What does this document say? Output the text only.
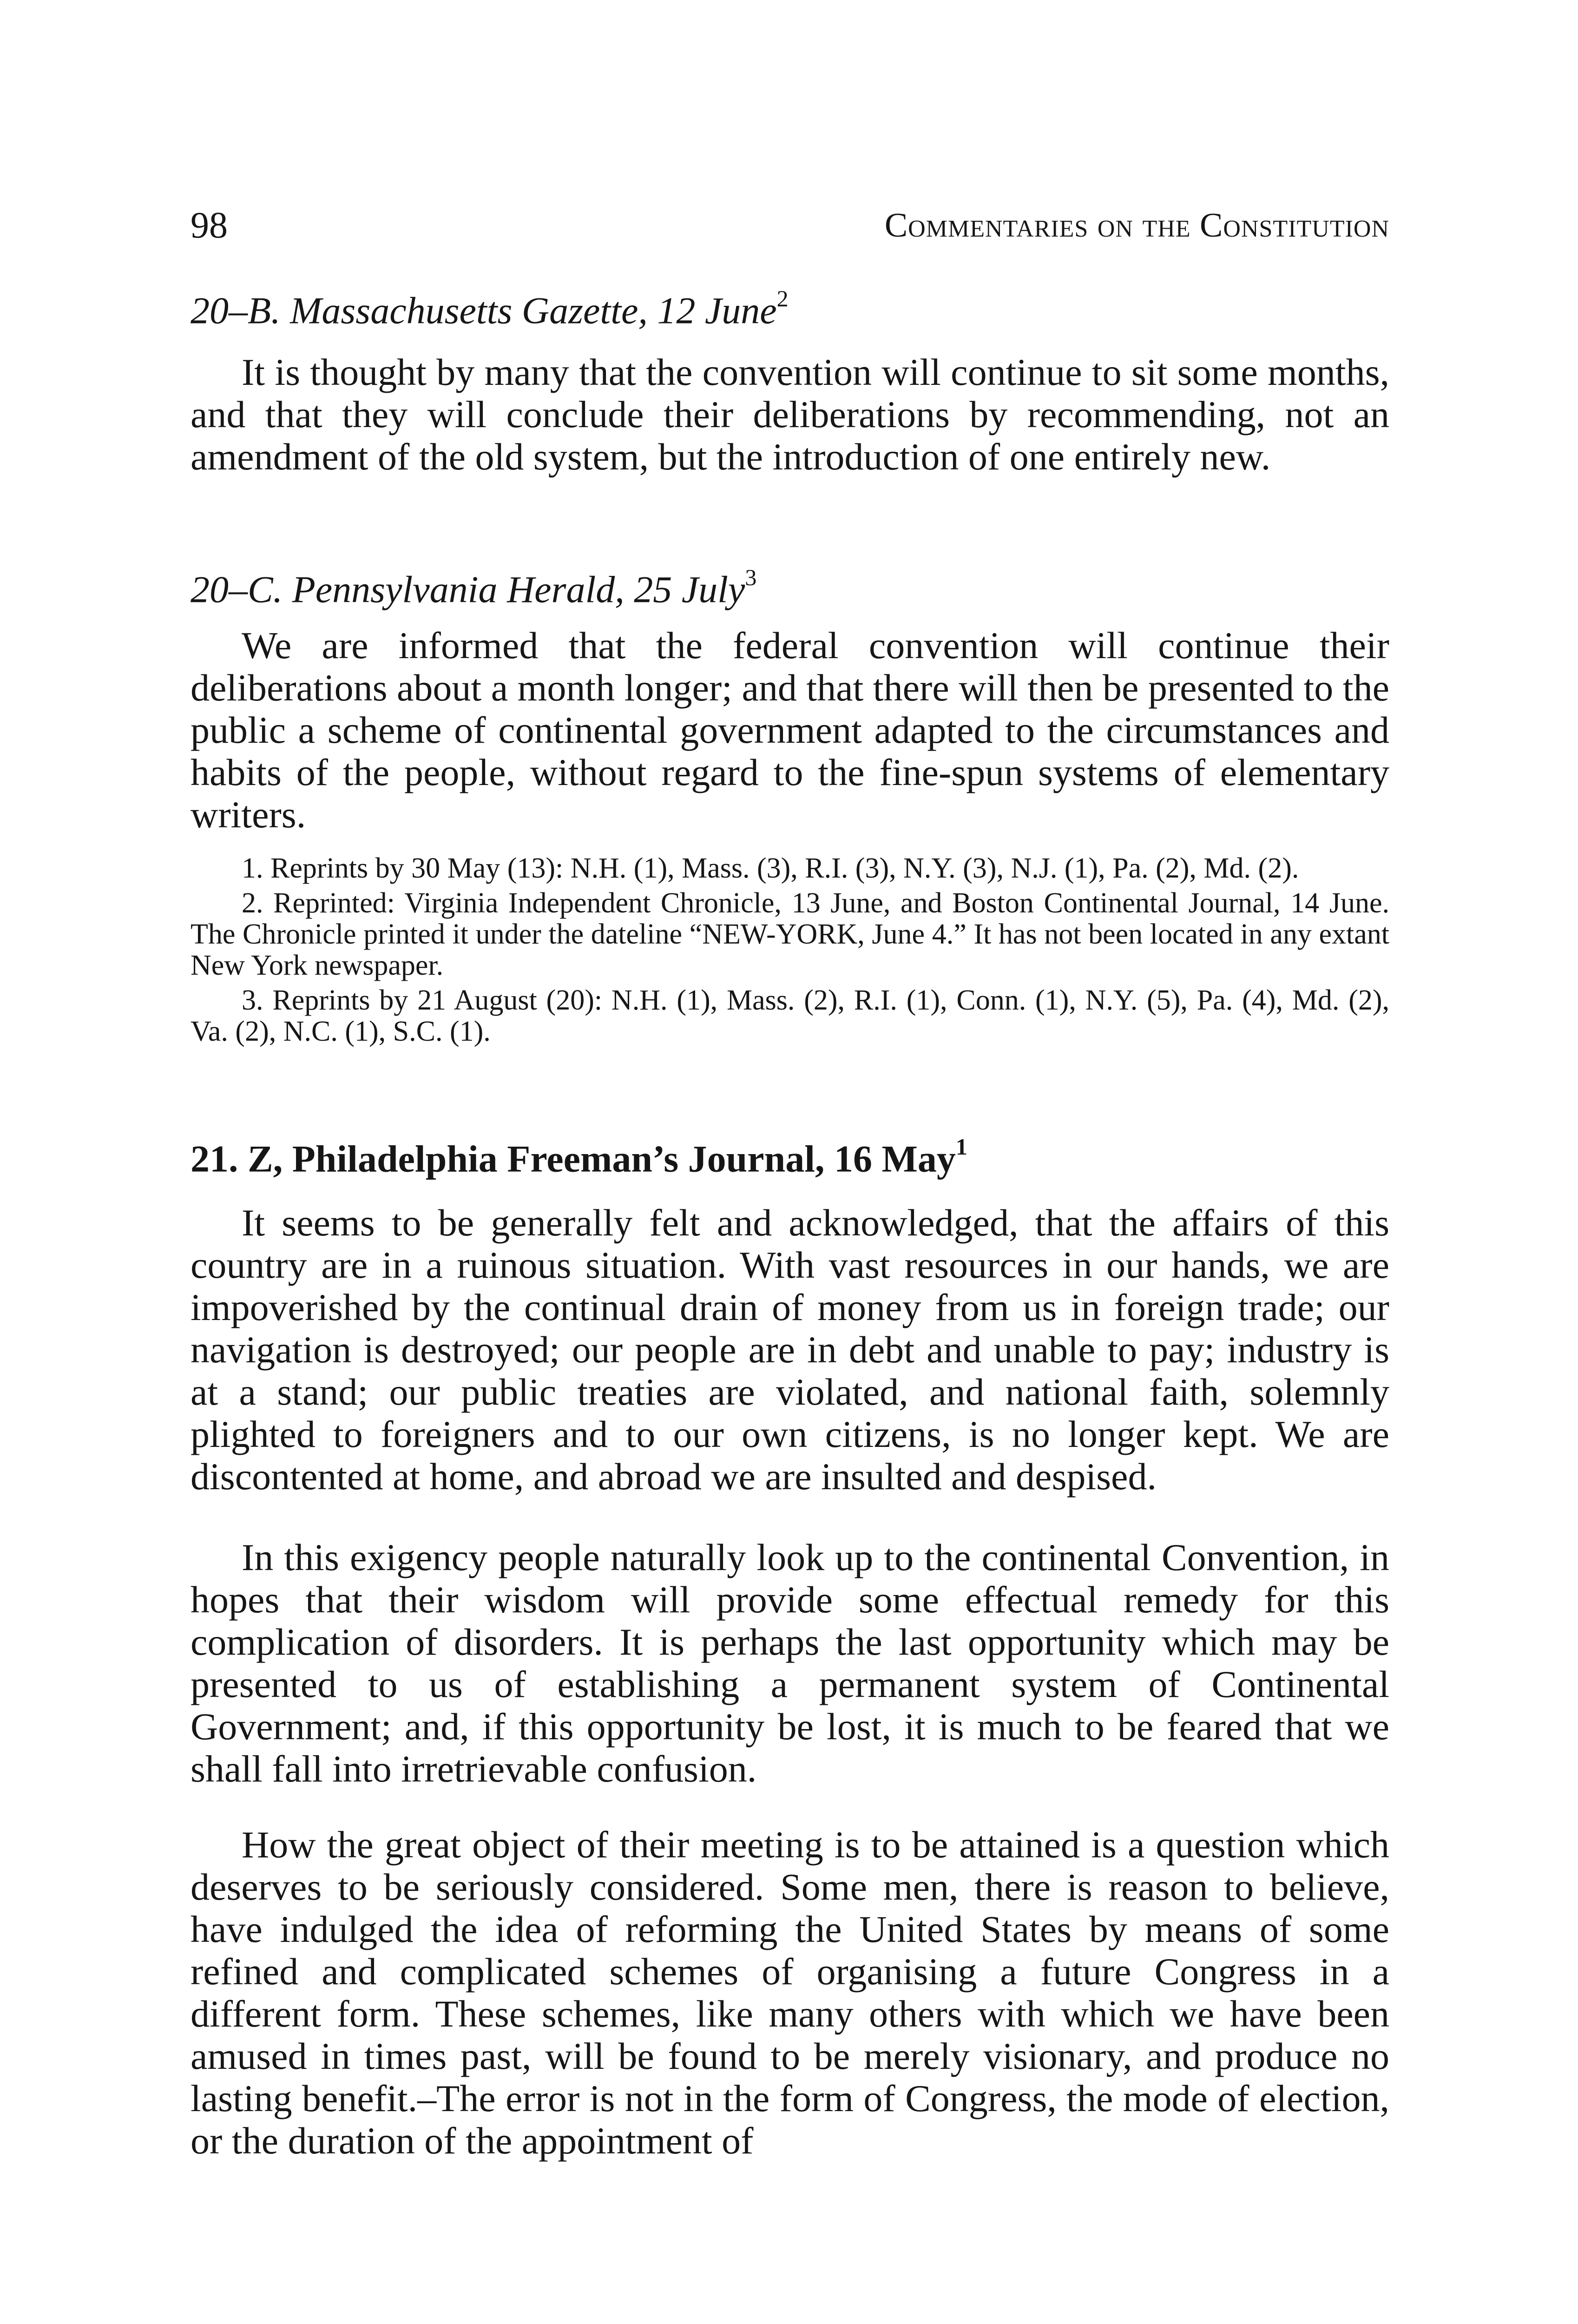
98	Commentaries on the Constitution
20–B. Massachusetts Gazette, 12 June$^2$

It is thought by many that the convention will continue to sit some months, and that they will conclude their deliberations by recommending, not an amendment of the old system, but the introduction of one entirely new.

20–C. Pennsylvania Herald, 25 July$^3$

We are informed that the federal convention will continue their deliberations about a month longer; and that there will then be presented to the public a scheme of continental government adapted to the circumstances and habits of the people, without regard to the fine-spun systems of elementary writers.

1. Reprints by 30 May (13): N.H. (1), Mass. (3), R.I. (3), N.Y. (3), N.J. (1), Pa. (2), Md. (2).

2. Reprinted: Virginia Independent Chronicle, 13 June, and Boston Continental Journal, 14 June. The Chronicle printed it under the dateline “NEW-YORK, June 4.” It has not been located in any extant New York newspaper.

3. Reprints by 21 August (20): N.H. (1), Mass. (2), R.I. (1), Conn. (1), N.Y. (5), Pa. (4), Md. (2), Va. (2), N.C. (1), S.C. (1).

21. Z, Philadelphia Freeman’s Journal, 16 May$^1$

It seems to be generally felt and acknowledged, that the affairs of this country are in a ruinous situation. With vast resources in our hands, we are impoverished by the continual drain of money from us in foreign trade; our navigation is destroyed; our people are in debt and unable to pay; industry is at a stand; our public treaties are violated, and national faith, solemnly plighted to foreigners and to our own citizens, is no longer kept. We are discontented at home, and abroad we are insulted and despised.

In this exigency people naturally look up to the continental Convention, in hopes that their wisdom will provide some effectual remedy for this complication of disorders. It is perhaps the last opportunity which may be presented to us of establishing a permanent system of Continental Government; and, if this opportunity be lost, it is much to be feared that we shall fall into irretrievable confusion.

How the great object of their meeting is to be attained is a question which deserves to be seriously considered. Some men, there is reason to believe, have indulged the idea of reforming the United States by means of some refined and complicated schemes of organising a future Congress in a different form. These schemes, like many others with which we have been amused in times past, will be found to be merely visionary, and produce no lasting benefit.–The error is not in the form of Congress, the mode of election, or the duration of the appointment of
